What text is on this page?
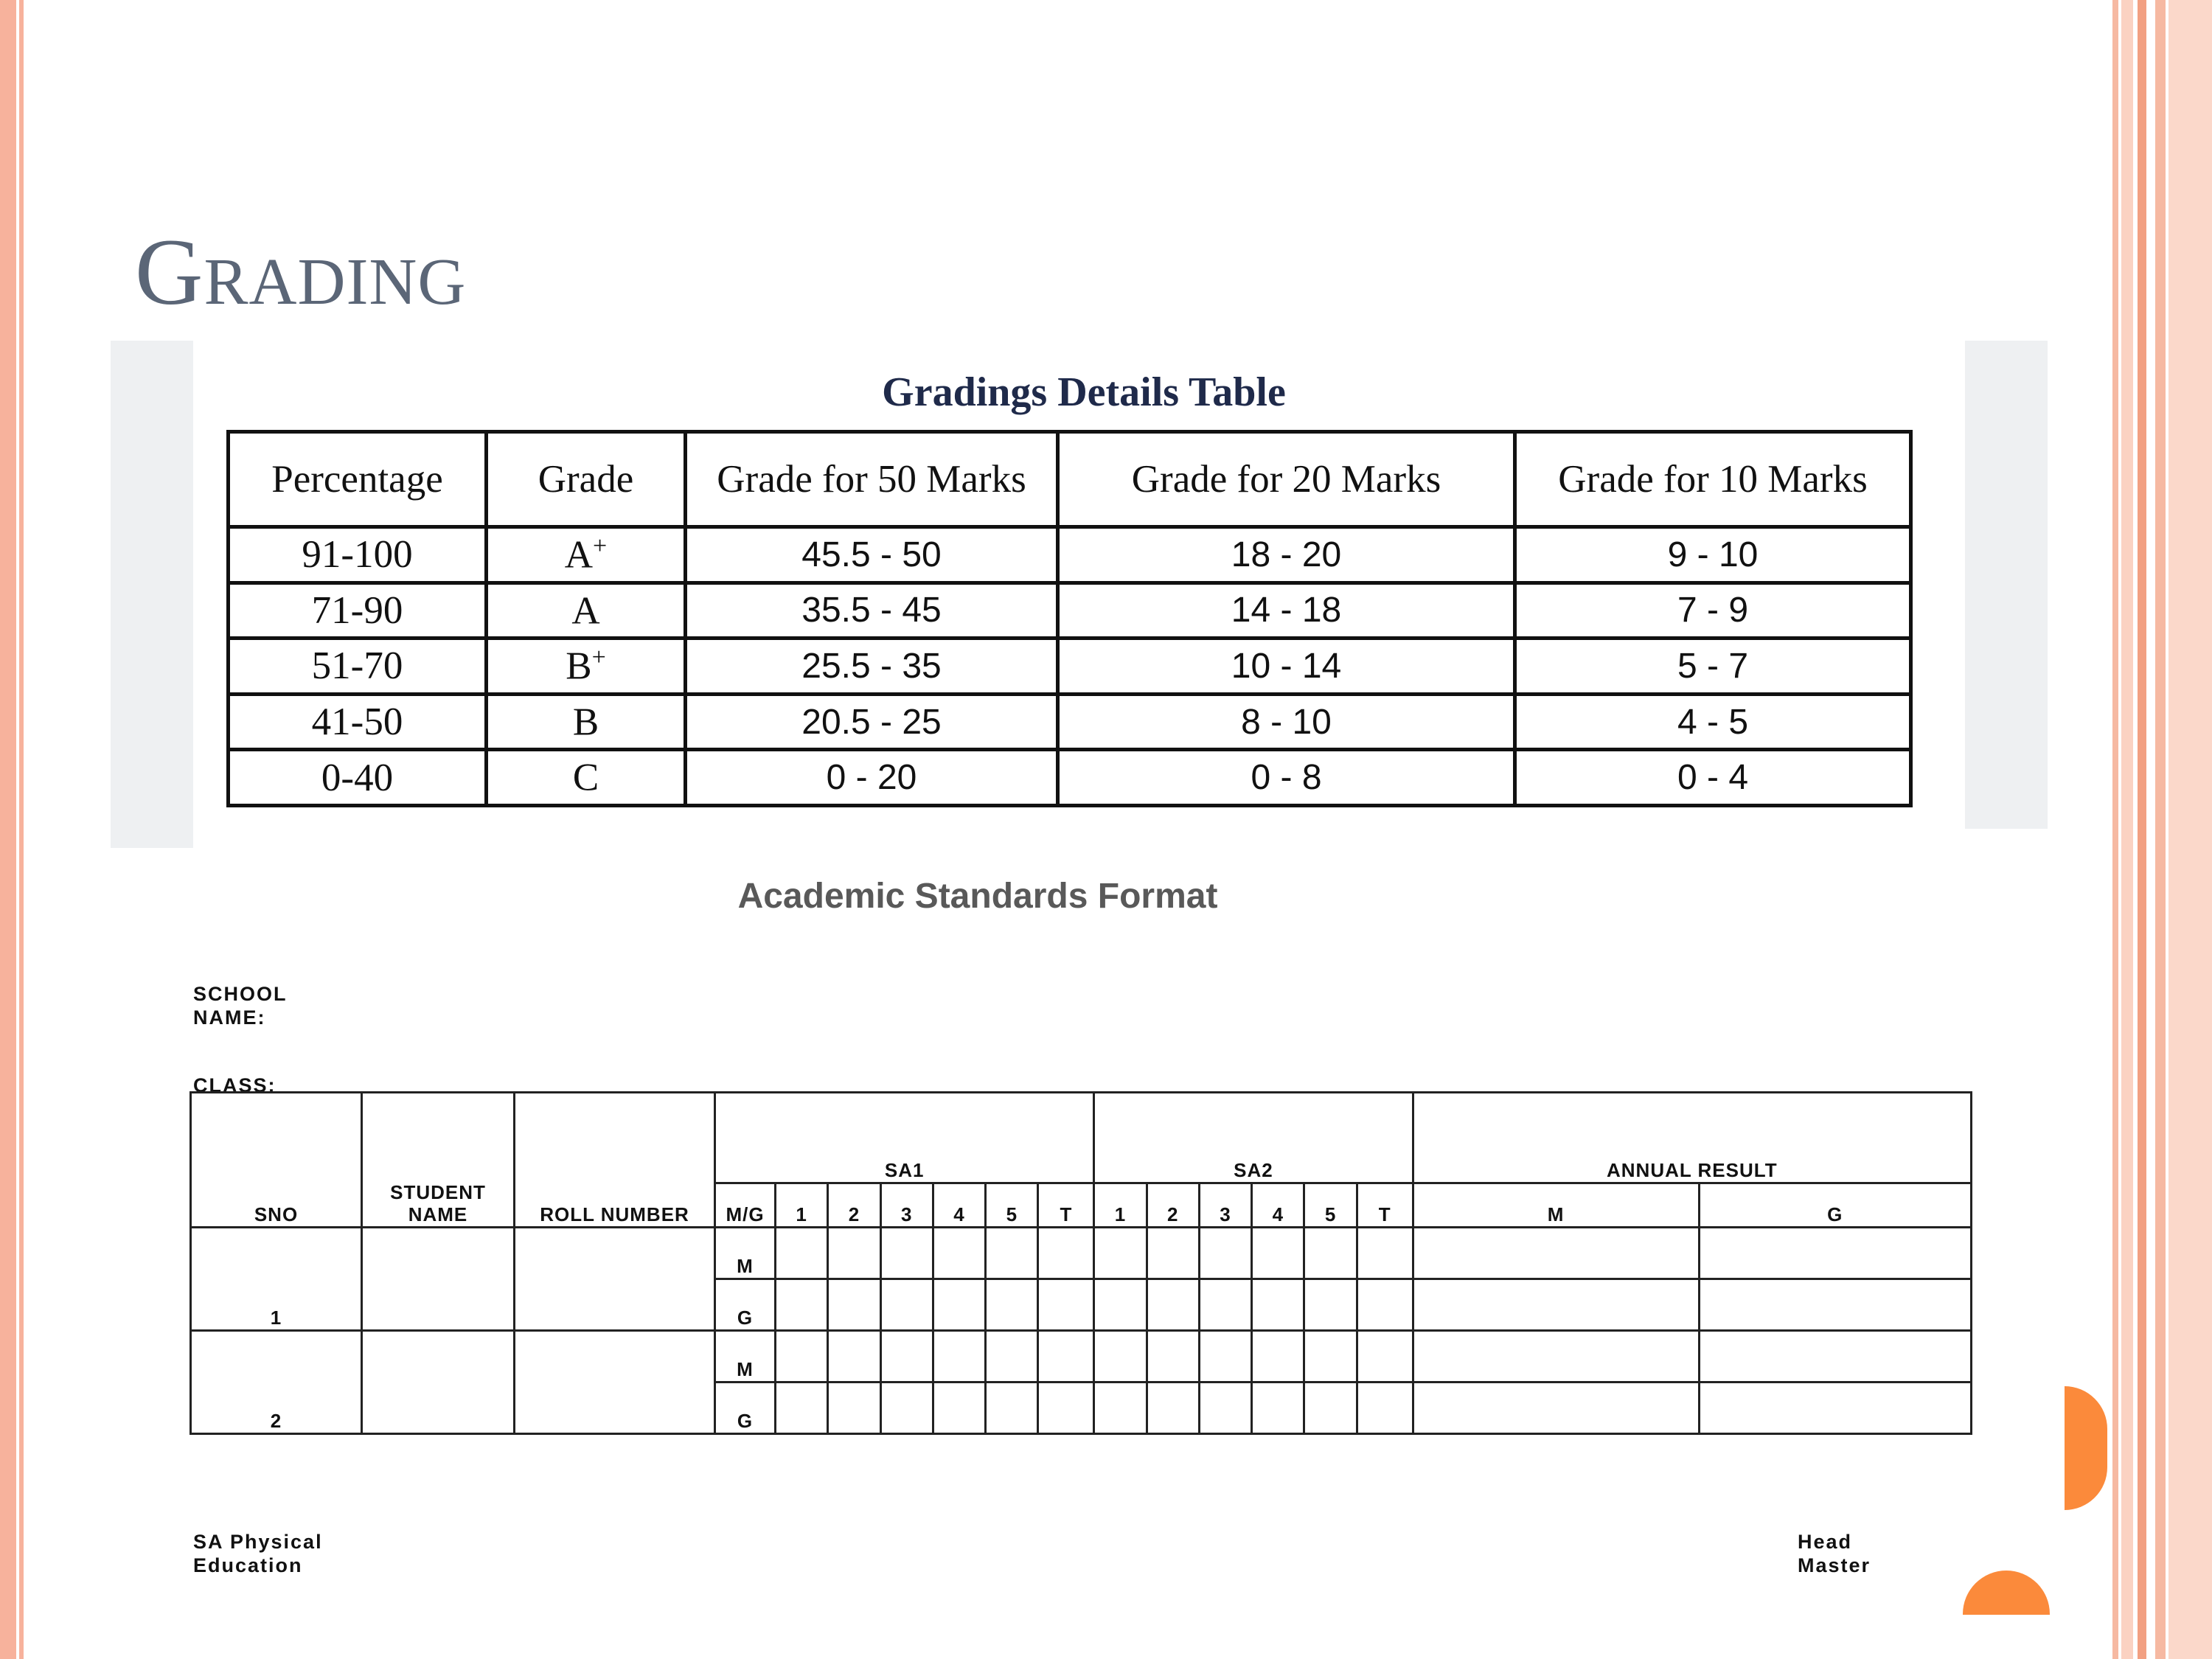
Grading
Gradings Details Table
Percentage	Grade	Grade for 50 Marks	Grade for 20 Marks	Grade for 10 Marks
91-100	A+	45.5 - 50	18 - 20	9 - 10
71-90	A	35.5 - 45	14 - 18	7 - 9
51-70	B+	25.5 - 35	10 - 14	5 - 7
41-50	B	20.5 - 25	8 - 10	4 - 5
0-40	C	0 - 20	0 - 8	0 - 4
Academic Standards Format
SCHOOL NAME:
CLASS:
SNO	STUDENT NAME	ROLL NUMBER	SA1							SA2						ANNUAL RESULT	
			M/G	1	2	3	4	5	T	1	2	3	4	5	T	M	G
1			M														
			G														
2			M														
			G														
SA Physical Education
Head Master
